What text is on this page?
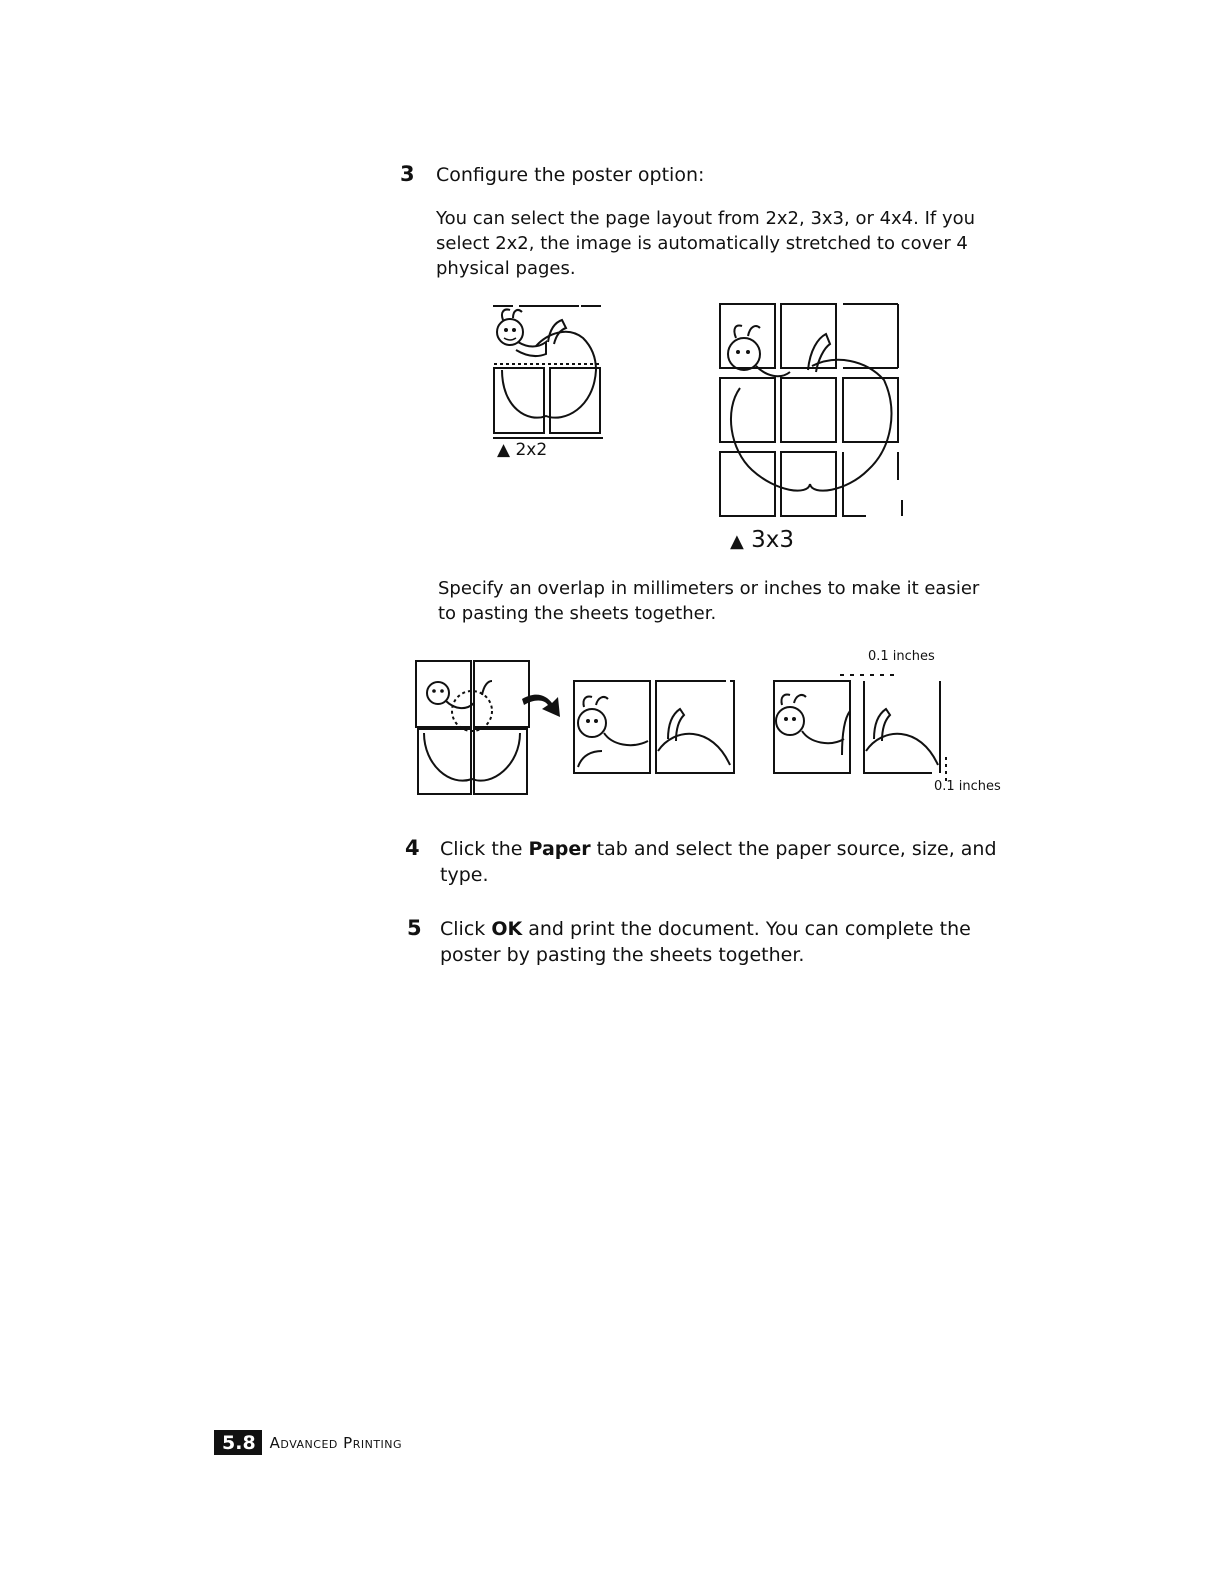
3 Configure the poster option:
You can select the page layout from 2x2, 3x3, or 4x4. If you
select 2x2, the image is automatically stretched to cover 4
physical pages.
▲ 2x2
▲ 3x3
Specify an overlap in millimeters or inches to make it easier
to pasting the sheets together.
0.1 inches
0.1 inches
4 Click the Paper tab and select the paper source, size, and
type.
5 Click OK and print the document. You can complete the
poster by pasting the sheets together.
5.8 Advanced Printing
